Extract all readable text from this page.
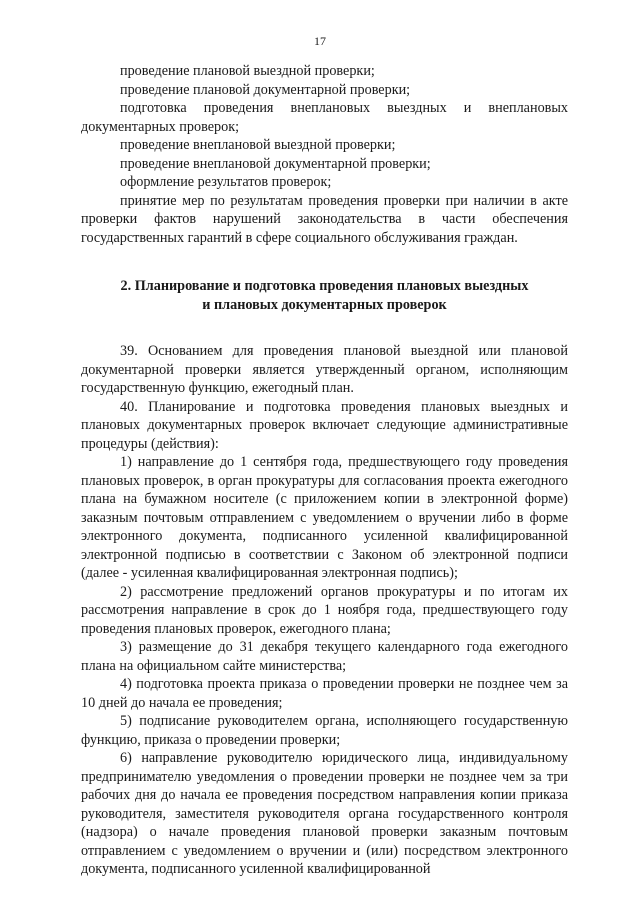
17

проведение плановой выездной проверки;

проведение плановой документарной проверки;

подготовка проведения внеплановых выездных и внеплановых документарных проверок;

проведение внеплановой выездной проверки;

проведение внеплановой документарной проверки;

оформление результатов проверок;

принятие мер по результатам проведения проверки при наличии в акте проверки фактов нарушений законодательства в части обеспечения государственных гарантий в сфере социального обслуживания граждан.

2. Планирование и подготовка проведения плановых выездных
и плановых документарных проверок

39. Основанием для проведения плановой выездной или плановой документарной проверки является утвержденный органом, исполняющим государственную функцию, ежегодный план.

40. Планирование и подготовка проведения плановых выездных и плановых документарных проверок включает следующие административные процедуры (действия):

1) направление до 1 сентября года, предшествующего году проведения плановых проверок, в орган прокуратуры для согласования проекта ежегодного плана на бумажном носителе (с приложением копии в электронной форме) заказным почтовым отправлением с уведомлением о вручении либо в форме электронного документа, подписанного усиленной квалифицированной электронной подписью в соответствии с Законом об электронной подписи (далее - усиленная квалифицированная электронная подпись);

2) рассмотрение предложений органов прокуратуры и по итогам их рассмотрения направление в срок до 1 ноября года, предшествующего году проведения плановых проверок, ежегодного плана;

3) размещение до 31 декабря текущего календарного года ежегодного плана на официальном сайте министерства;

4) подготовка проекта приказа о проведении проверки не позднее чем за 10 дней до начала ее проведения;

5) подписание руководителем органа, исполняющего государственную функцию, приказа о проведении проверки;

6) направление руководителю юридического лица, индивидуальному предпринимателю уведомления о проведении проверки не позднее чем за три рабочих дня до начала ее проведения посредством направления копии приказа руководителя, заместителя руководителя органа государственного контроля (надзора) о начале проведения плановой проверки заказным почтовым отправлением с уведомлением о вручении и (или) посредством электронного документа, подписанного усиленной квалифицированной
